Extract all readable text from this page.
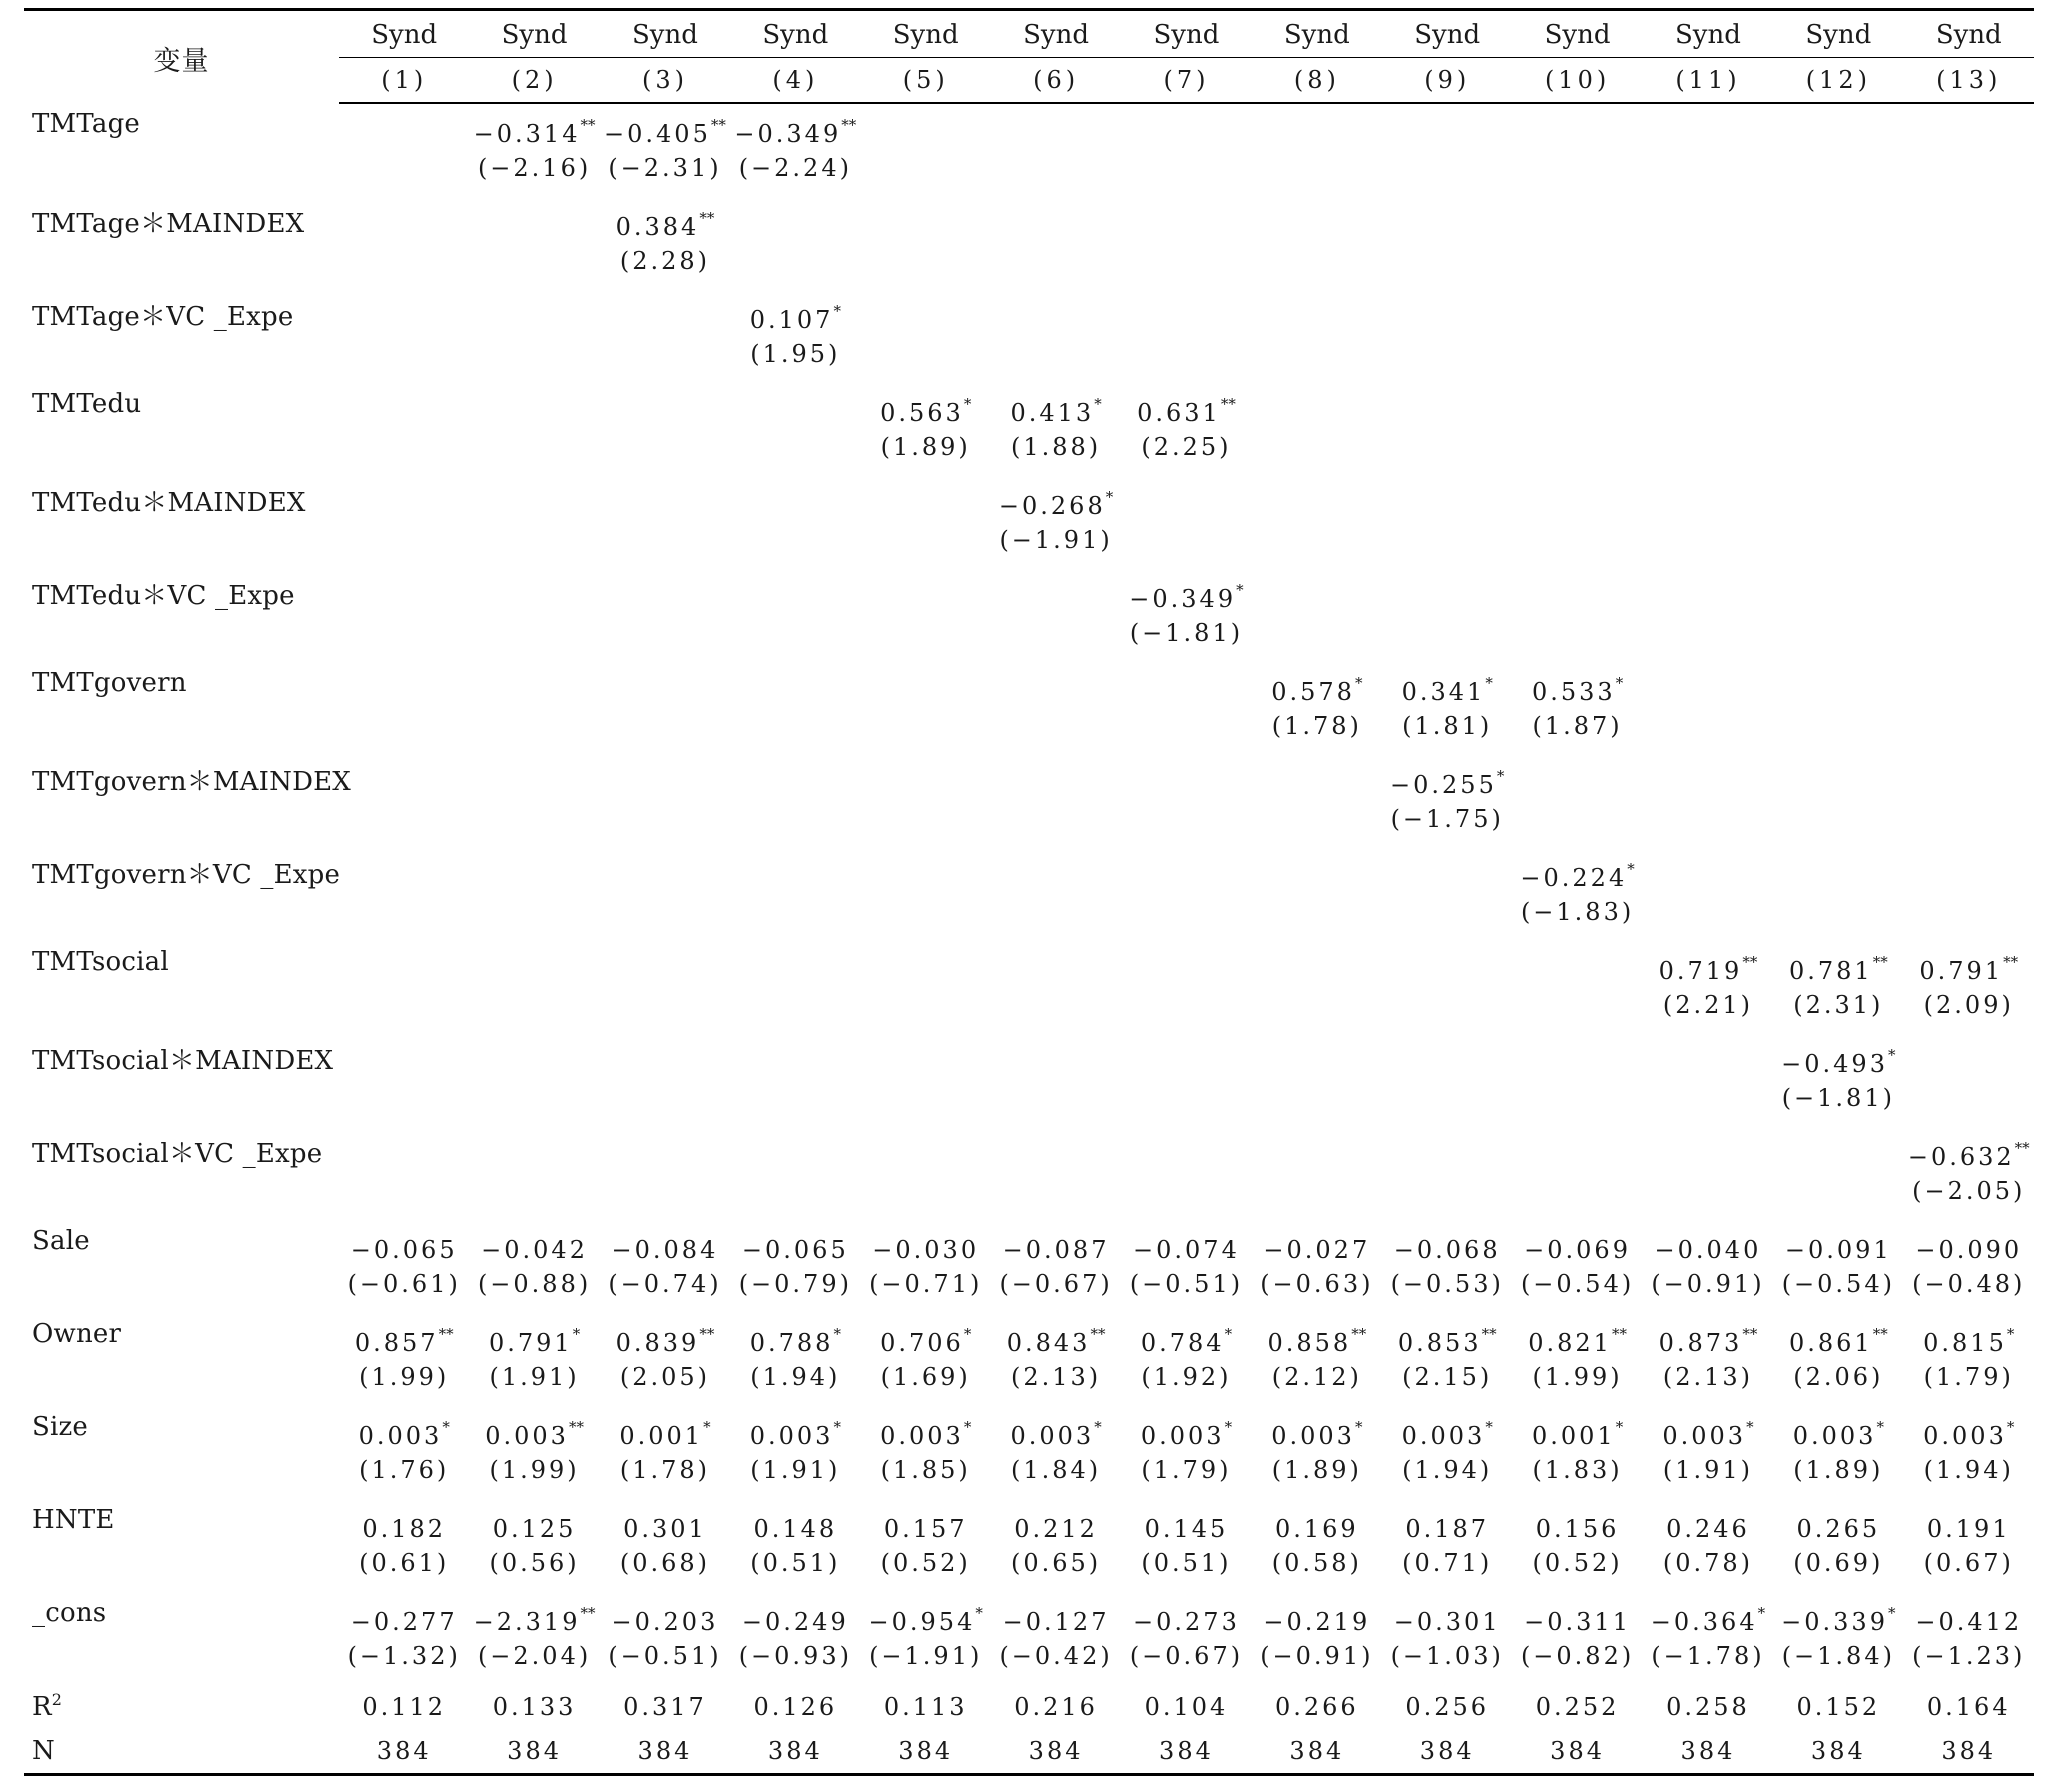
变量	Synd	Synd	Synd	Synd	Synd	Synd	Synd	Synd	Synd	Synd	Synd	Synd	Synd
	(1)	(2)	(3)	(4)	(5)	(6)	(7)	(8)	(9)	(10)	(11)	(12)	(13)
TMTage		−0.314**	−0.405**	−0.349**									
		(−2.16)	(−2.31)	(−2.24)									
TMTage＊MAINDEX			0.384**										
			(2.28)										
TMTage＊VC _Expe				0.107*									
				(1.95)									
TMTedu					0.563*	0.413*	0.631**						
					(1.89)	(1.88)	(2.25)						
TMTedu＊MAINDEX						−0.268*							
						(−1.91)							
TMTedu＊VC _Expe							−0.349*						
							(−1.81)						
TMTgovern								0.578*	0.341*	0.533*			
								(1.78)	(1.81)	(1.87)			
TMTgovern＊MAINDEX									−0.255*				
									(−1.75)				
TMTgovern＊VC _Expe										−0.224*			
										(−1.83)			
TMTsocial											0.719**	0.781**	0.791**
											(2.21)	(2.31)	(2.09)
TMTsocial＊MAINDEX												−0.493*	
												(−1.81)	
TMTsocial＊VC _Expe													−0.632**
													(−2.05)
Sale	−0.065	−0.042	−0.084	−0.065	−0.030	−0.087	−0.074	−0.027	−0.068	−0.069	−0.040	−0.091	−0.090
	(−0.61)	(−0.88)	(−0.74)	(−0.79)	(−0.71)	(−0.67)	(−0.51)	(−0.63)	(−0.53)	(−0.54)	(−0.91)	(−0.54)	(−0.48)
Owner	0.857**	0.791*	0.839**	0.788*	0.706*	0.843**	0.784*	0.858**	0.853**	0.821**	0.873**	0.861**	0.815*
	(1.99)	(1.91)	(2.05)	(1.94)	(1.69)	(2.13)	(1.92)	(2.12)	(2.15)	(1.99)	(2.13)	(2.06)	(1.79)
Size	0.003*	0.003**	0.001*	0.003*	0.003*	0.003*	0.003*	0.003*	0.003*	0.001*	0.003*	0.003*	0.003*
	(1.76)	(1.99)	(1.78)	(1.91)	(1.85)	(1.84)	(1.79)	(1.89)	(1.94)	(1.83)	(1.91)	(1.89)	(1.94)
HNTE	0.182	0.125	0.301	0.148	0.157	0.212	0.145	0.169	0.187	0.156	0.246	0.265	0.191
	(0.61)	(0.56)	(0.68)	(0.51)	(0.52)	(0.65)	(0.51)	(0.58)	(0.71)	(0.52)	(0.78)	(0.69)	(0.67)
_cons	−0.277	−2.319**	−0.203	−0.249	−0.954*	−0.127	−0.273	−0.219	−0.301	−0.311	−0.364*	−0.339*	−0.412
	(−1.32)	(−2.04)	(−0.51)	(−0.93)	(−1.91)	(−0.42)	(−0.67)	(−0.91)	(−1.03)	(−0.82)	(−1.78)	(−1.84)	(−1.23)
$R^2$	0.112	0.133	0.317	0.126	0.113	0.216	0.104	0.266	0.256	0.252	0.258	0.152	0.164
N	384	384	384	384	384	384	384	384	384	384	384	384	384
